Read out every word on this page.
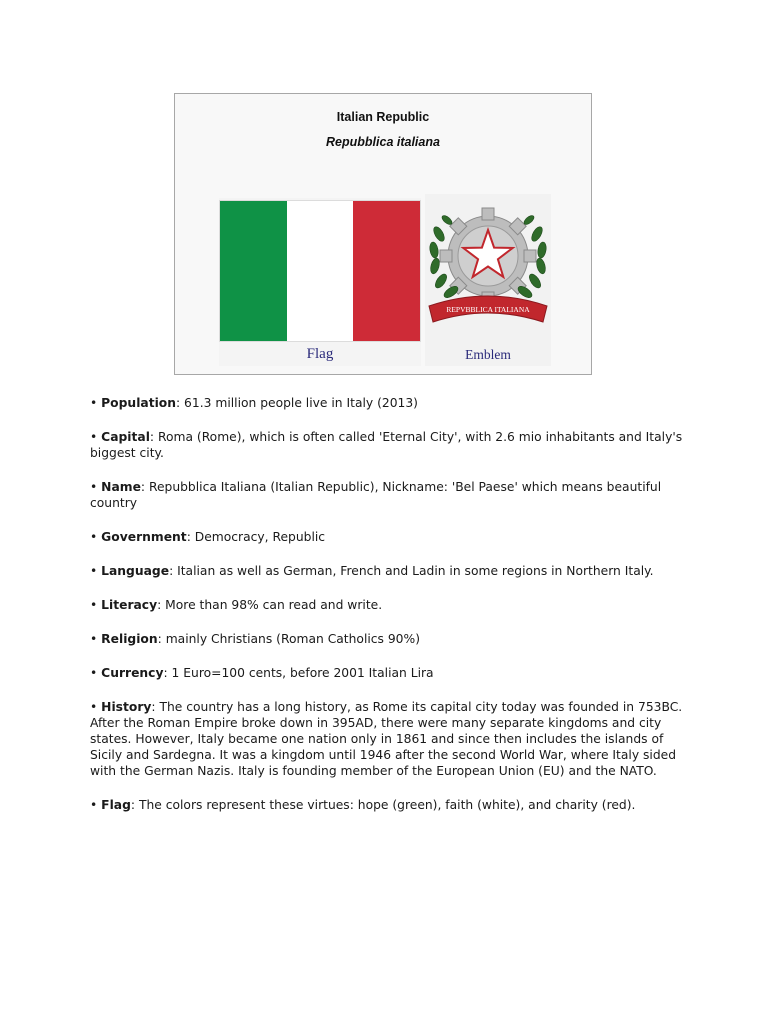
Italian Republic
Repubblica italiana
Flag
REPVBBLICA ITALIANA
Emblem
• Population: 61.3 million people live in Italy (2013)
• Capital: Roma (Rome), which is often called 'Eternal City', with 2.6 mio inhabitants and Italy's biggest city.
• Name: Repubblica Italiana (Italian Republic), Nickname: 'Bel Paese' which means beautiful country
• Government: Democracy, Republic
• Language: Italian as well as German, French and Ladin in some regions in Northern Italy.
• Literacy: More than 98% can read and write.
• Religion: mainly Christians (Roman Catholics 90%)
• Currency: 1 Euro=100 cents, before 2001 Italian Lira
• History: The country has a long history, as Rome its capital city today was founded in 753BC. After the Roman Empire broke down in 395AD, there were many separate kingdoms and city states. However, Italy became one nation only in 1861 and since then includes the islands of Sicily and Sardegna. It was a kingdom until 1946 after the second World War, where Italy sided with the German Nazis. Italy is founding member of the European Union (EU) and the NATO.
• Flag: The colors represent these virtues: hope (green), faith (white), and charity (red).
